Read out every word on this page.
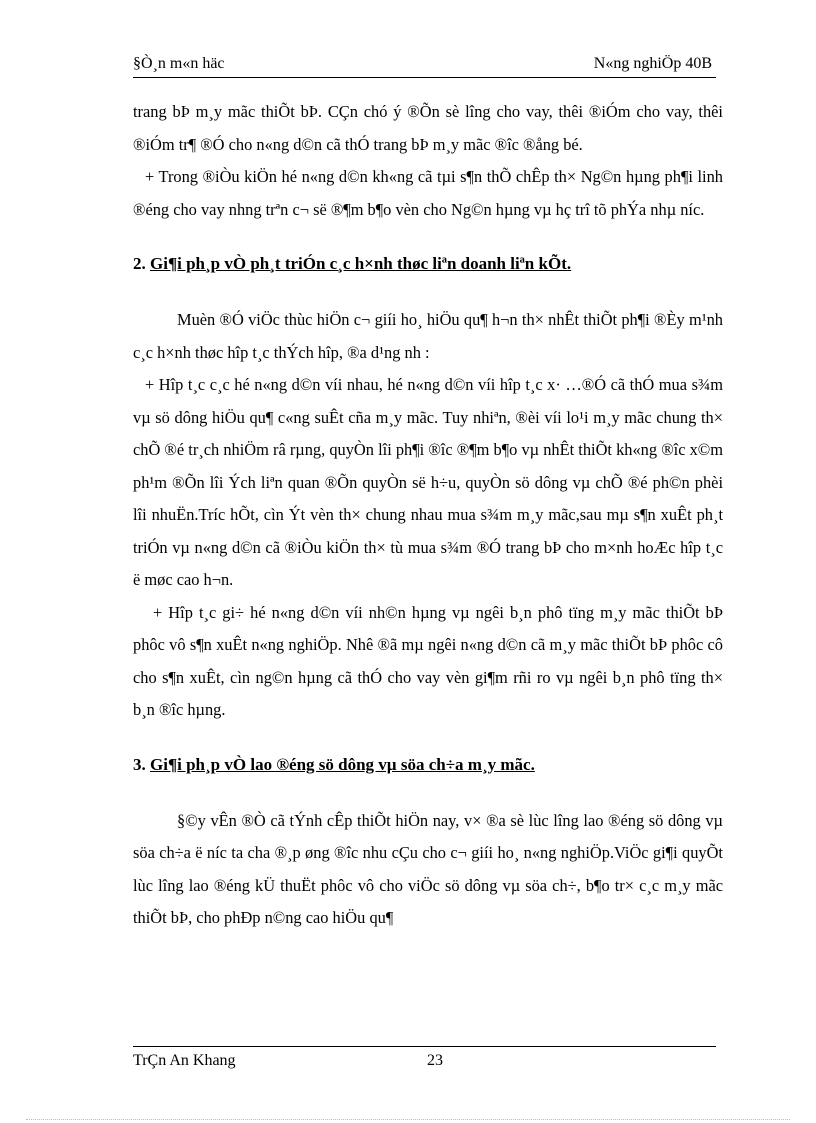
§Ò¸n m«n häc	N«ng nghiÖp 40B

trang bÞ m¸y mãc thiÕt bÞ. CÇn chó ý ®Õn sè lîng cho vay, thêi ®iÓm cho vay, thêi ®iÓm tr¶ ®Ó cho n«ng d©n cã thÓ trang bÞ m¸y mãc ®îc ®ång bé.

+ Trong ®iÒu kiÖn hé n«ng d©n kh«ng cã tµi s¶n thÕ chÊp th× Ng©n hµng ph¶i linh ®éng cho vay nhng trªn c¬ së ®¶m b¶o vèn cho Ng©n hµng vµ hç trî tõ phÝa nhµ níc.

2. Gi¶i ph¸p vÒ ph¸t triÓn c¸c h×nh thøc liªn doanh liªn kÕt.

Muèn ®Ó viÖc thùc hiÖn c¬ giíi ho¸ hiÖu qu¶ h¬n th× nhÊt thiÕt ph¶i ®Èy m¹nh c¸c h×nh thøc hîp t¸c thÝch hîp, ®a d¹ng nh :

+ Hîp t¸c c¸c hé n«ng d©n víi nhau, hé n«ng d©n víi hîp t¸c x· …®Ó cã thÓ mua s¾m vµ sö dông hiÖu qu¶ c«ng suÊt cña m¸y mãc. Tuy nhiªn, ®èi víi lo¹i m¸y mãc chung th× chÕ ®é tr¸ch nhiÖm râ rµng, quyÒn lîi ph¶i ®îc ®¶m b¶o vµ nhÊt thiÕt kh«ng ®îc x©m ph¹m ®Õn lîi Ých liªn quan ®Õn quyÒn së h÷u, quyÒn sö dông vµ chÕ ®é ph©n phèi lîi nhuËn.Tríc hÕt, cìn Ýt vèn th× chung nhau mua s¾m m¸y mãc,sau mµ s¶n xuÊt ph¸t triÓn vµ n«ng d©n cã ®iÒu kiÖn th× tù mua s¾m ®Ó trang bÞ cho m×nh hoÆc hîp t¸c ë møc cao h¬n.

+ Hîp t¸c gi÷ hé n«ng d©n víi nh©n hµng vµ ngêi b¸n phô tïng m¸y mãc thiÕt bÞ phôc vô s¶n xuÊt n«ng nghiÖp. Nhê ®ã mµ ngêi n«ng d©n cã m¸y mãc thiÕt bÞ phôc cô cho s¶n xuÊt, cìn ng©n hµng cã thÓ cho vay vèn gi¶m rñi ro vµ ngêi b¸n phô tïng th× b¸n ®îc hµng.

3. Gi¶i ph¸p vÒ lao ®éng sö dông vµ söa ch÷a m¸y mãc.

§©y vÊn ®Ò cã tÝnh cÊp thiÕt hiÖn nay, v× ®a sè lùc lîng lao ®éng sö dông vµ söa ch÷a ë níc ta cha ®¸p øng ®îc nhu cÇu cho c¬ giíi ho¸ n«ng nghiÖp.ViÖc gi¶i quyÕt lùc lîng lao ®éng kÜ thuËt phôc vô cho viÖc sö dông vµ söa ch÷, b¶o tr× c¸c m¸y mãc thiÕt bÞ, cho phÐp n©ng cao hiÖu qu¶

TrÇn An Khang	23
